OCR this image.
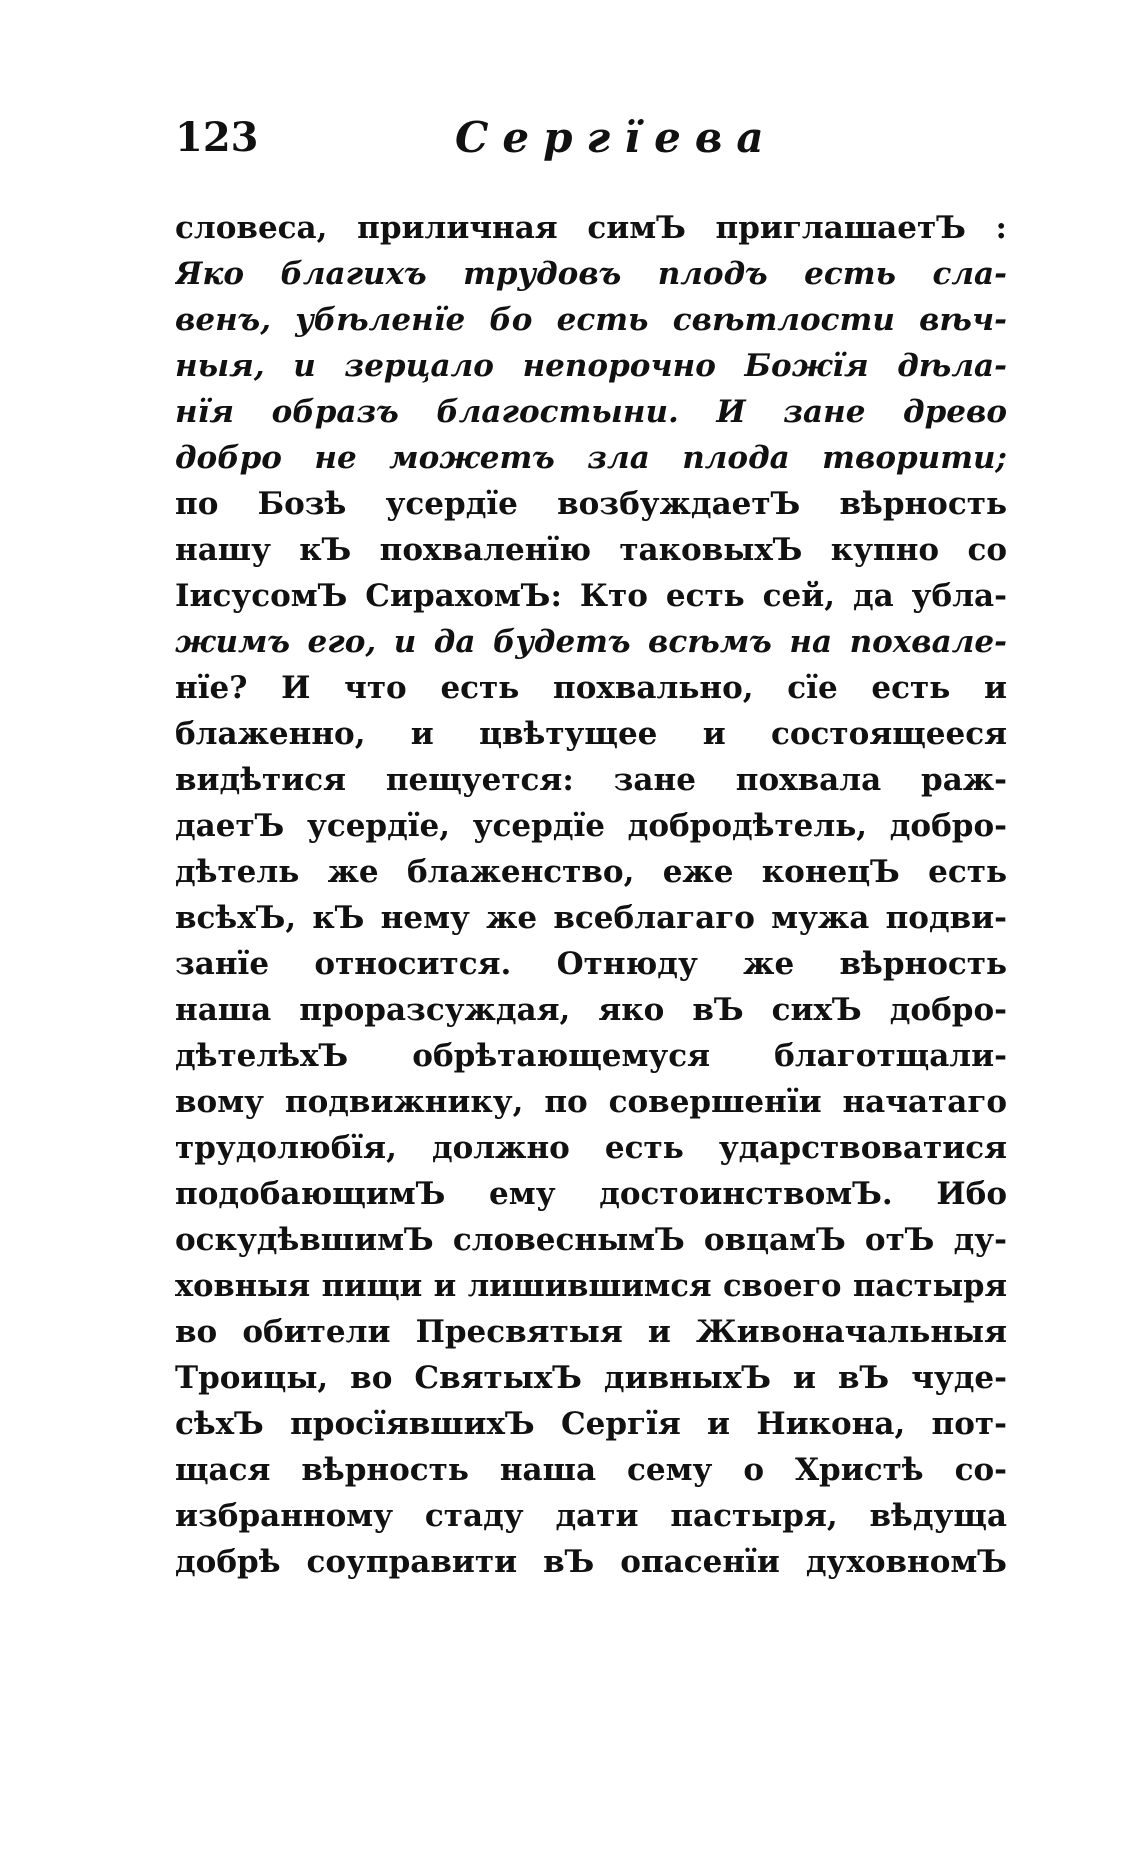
123	Сергїева
словеса, приличная симЪ приглашаетЪ :
Яко благихъ трудовъ плодъ есть сла-
венъ, убѣленїе бо есть свѣтлости вѣч-
ныя, и зерцало непорочно Божїя дѣла-
нїя образъ благостыни. И зане древо
добро не можетъ зла плода творити;
по Бозѣ усердїе возбуждаетЪ вѣрность
нашу кЪ похваленїю таковыхЪ купно со
ІисусомЪ СирахомЪ: Кто есть сей, да убла-
жимъ его, и да будетъ всѣмъ на похвале-
нїе? И что есть похвально, сїе есть и
блаженно, и цвѣтущее и состоящееся
видѣтися пещуется: зане похвала раж-
даетЪ усердїе, усердїе добродѣтель, добро-
дѣтель же блаженство, еже конецЪ есть
всѣхЪ, кЪ нему же всеблагаго мужа подви-
занїе относится. Отнюду же вѣрность
наша проразсуждая, яко вЪ сихЪ добро-
дѣтелѣхЪ обрѣтающемуся благотщали-
вому подвижнику, по совершенїи начатаго
трудолюбїя, должно есть ударствоватися
подобающимЪ ему достоинствомЪ. Ибо
оскудѣвшимЪ словеснымЪ овцамЪ отЪ ду-
ховныя пищи и лишившимся своего пастыря
во обители Пресвятыя и Живоначальныя
Троицы, во СвятыхЪ дивныхЪ и вЪ чуде-
сѣхЪ просїявшихЪ Сергїя и Никона, пот-
щася вѣрность наша сему о Христѣ со-
избранному стаду дати пастыря, вѣдуща
добрѣ соуправити вЪ опасенїи духовномЪ
